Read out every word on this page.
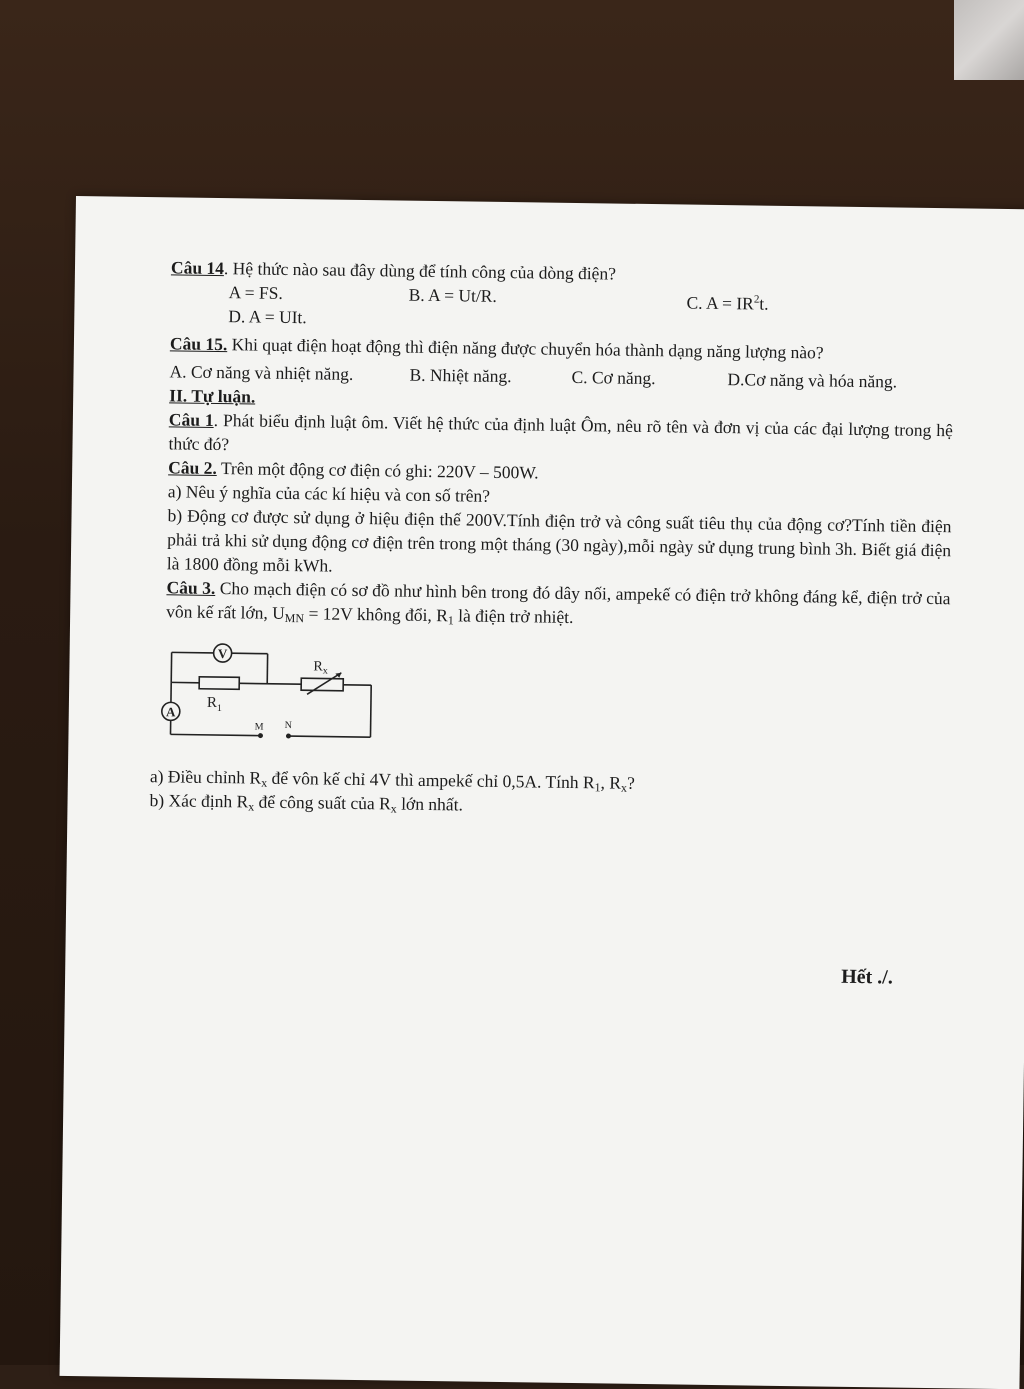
Câu 14. Hệ thức nào sau đây dùng để tính công của dòng điện?
A = FS.	B. A = Ut/R.	C. $A = IR^2t$.
D. A = UIt.
Câu 15. Khi quạt điện hoạt động thì điện năng được chuyển hóa thành dạng năng lượng nào?
A. Cơ năng và nhiệt năng.	B. Nhiệt năng.	C. Cơ năng.	D.Cơ năng và hóa năng.
II. Tự luận.
Câu 1. Phát biểu định luật ôm. Viết hệ thức của định luật Ôm, nêu rõ tên và đơn vị của các đại lượng trong hệ thức đó?
Câu 2. Trên một động cơ điện có ghi: 220V – 500W.
a) Nêu ý nghĩa của các kí hiệu và con số trên?
b) Động cơ được sử dụng ở hiệu điện thế 200V.Tính điện trở và công suất tiêu thụ của động cơ?Tính tiền điện phải trả khi sử dụng động cơ điện trên trong một tháng (30 ngày),mỗi ngày sử dụng trung bình 3h. Biết giá điện là 1800 đồng mỗi kWh.
Câu 3. Cho mạch điện có sơ đồ như hình bên trong đó dây nối, ampekế có điện trở không đáng kể, điện trở của vôn kế rất lớn, $U_{MN} = 12V$ không đổi, $R_1$ là điện trở nhiệt.
V
A
$R_1$
$R_x$
M N
a) Điều chỉnh $R_x$ để vôn kế chỉ 4V thì ampekế chỉ 0,5A. Tính $R_1$, $R_x$?
b) Xác định $R_x$ để công suất của $R_x$ lớn nhất.
Hết ./.
